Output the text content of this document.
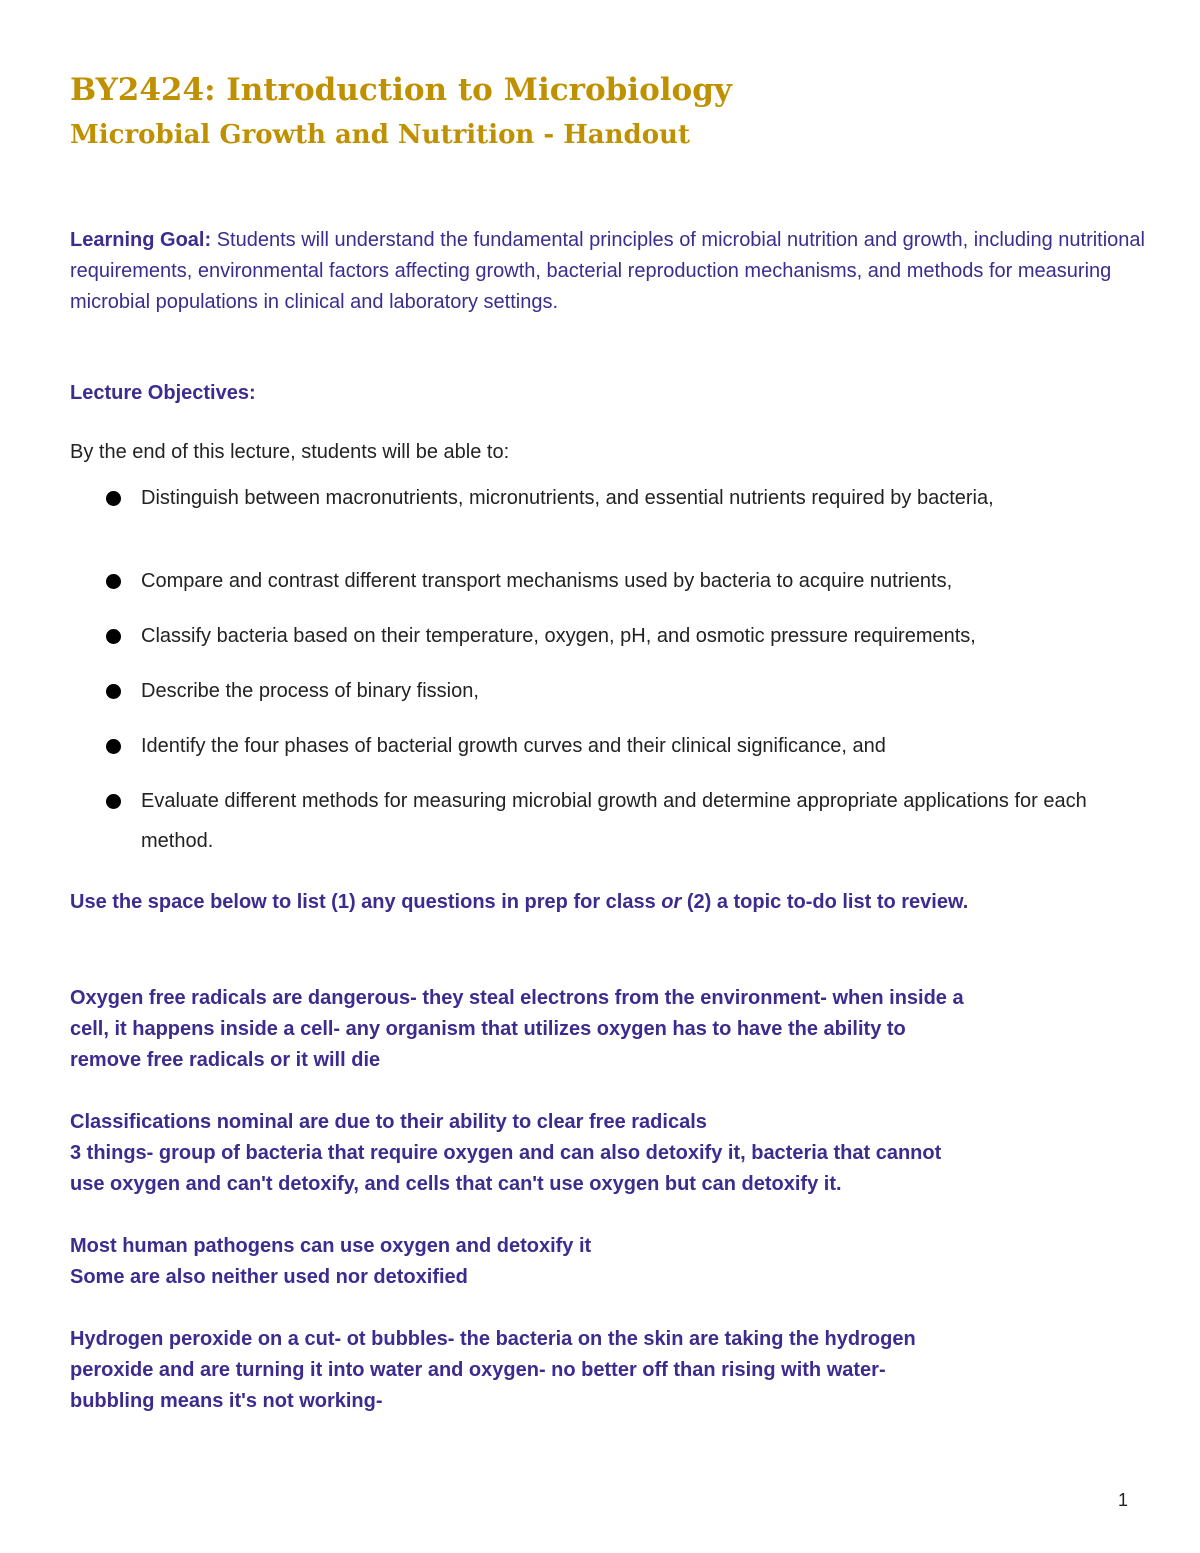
BY2424: Introduction to Microbiology
Microbial Growth and Nutrition - Handout
Learning Goal: Students will understand the fundamental principles of microbial nutrition and growth, including nutritional requirements, environmental factors affecting growth, bacterial reproduction mechanisms, and methods for measuring microbial populations in clinical and laboratory settings.
Lecture Objectives:
By the end of this lecture, students will be able to:
Distinguish between macronutrients, micronutrients, and essential nutrients required by bacteria,
Compare and contrast different transport mechanisms used by bacteria to acquire nutrients,
Classify bacteria based on their temperature, oxygen, pH, and osmotic pressure requirements,
Describe the process of binary fission,
Identify the four phases of bacterial growth curves and their clinical significance, and
Evaluate different methods for measuring microbial growth and determine appropriate applications for each method.
Use the space below to list (1) any questions in prep for class or (2) a topic to-do list to review.
Oxygen free radicals are dangerous- they steal electrons from the environment- when inside a
cell, it happens inside a cell- any organism that utilizes oxygen has to have the ability to
remove free radicals or it will die
Classifications nominal are due to their ability to clear free radicals
3 things- group of bacteria that require oxygen and can also detoxify it, bacteria that cannot
use oxygen and can't detoxify, and cells that can't use oxygen but can detoxify it.
Most human pathogens can use oxygen and detoxify it
Some are also neither used nor detoxified
Hydrogen peroxide on a cut- ot bubbles- the bacteria on the skin are taking the hydrogen
peroxide and are turning it into water and oxygen- no better off than rising with water-
bubbling means it's not working-
1
